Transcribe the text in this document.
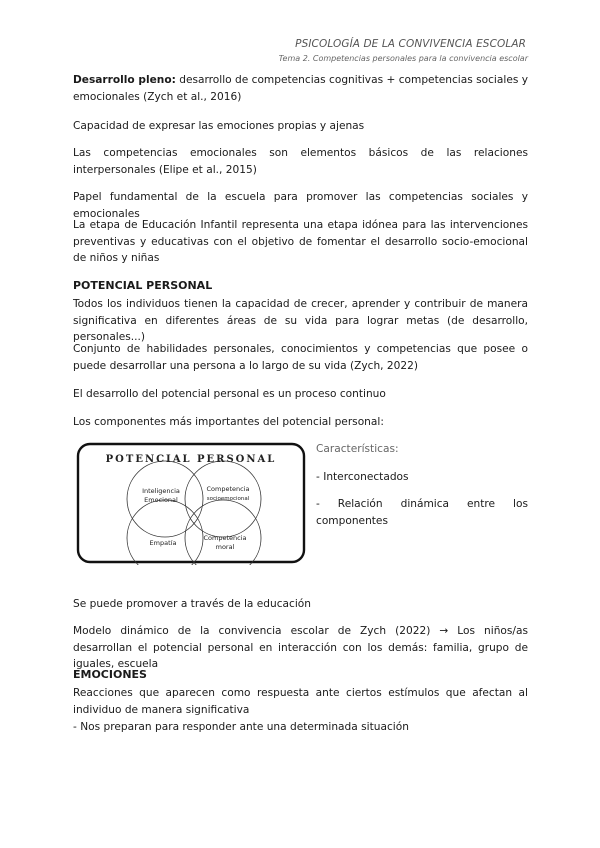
PSICOLOGÍA DE LA CONVIVENCIA ESCOLAR
Tema 2. Competencias personales para la convivencia escolar
Desarrollo pleno: desarrollo de competencias cognitivas + competencias sociales y emocionales (Zych et al., 2016)
Capacidad de expresar las emociones propias y ajenas
Las competencias emocionales son elementos básicos de las relaciones interpersonales (Elipe et al., 2015)
Papel fundamental de la escuela para promover las competencias sociales y emocionales
La etapa de Educación Infantil representa una etapa idónea para las intervenciones preventivas y educativas con el objetivo de fomentar el desarrollo socio-emocional de niños y niñas
POTENCIAL PERSONAL
Todos los individuos tienen la capacidad de crecer, aprender y contribuir de manera significativa en diferentes áreas de su vida para lograr metas (de desarrollo, personales...)
Conjunto de habilidades personales, conocimientos y competencias que posee o puede desarrollar una persona a lo largo de su vida (Zych, 2022)
El desarrollo del potencial personal es un proceso continuo
Los componentes más importantes del potencial personal:
POTENCIAL PERSONAL
Inteligencia
Emocional
Competencia
socioemocional
Empatía
Competencia
moral
Características:
- Interconectados
- Relación dinámica entre los componentes
Se puede promover a través de la educación
Modelo dinámico de la convivencia escolar de Zych (2022) → Los niños/as desarrollan el potencial personal en interacción con los demás: familia, grupo de iguales, escuela
EMOCIONES
Reacciones que aparecen como respuesta ante ciertos estímulos que afectan al individuo de manera significativa
- Nos preparan para responder ante una determinada situación
